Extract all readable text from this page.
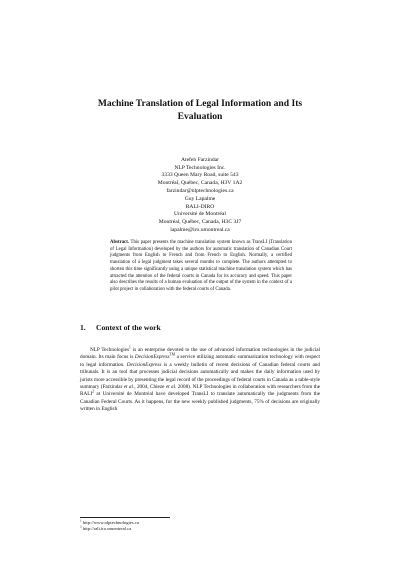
Machine Translation of Legal Information and Its
Evaluation
Atefeh Farzindar
NLP Technologies Inc.
3333 Queen Mary Road, suite 543
Montréal, Québec, Canada, H3V 1A2
farzindar@nlptechnologies.ca
Guy Lapalme
RALI-DIRO
Université de Montréal
Montréal, Québec, Canada, H3C 3J7
lapalme@iro.umontreal.ca
Abstract. This paper presents the machine translation system known as TransLI (Translation of Legal Information) developed by the authors for automatic translation of Canadian Court judgments from English to French and from French to English. Normally, a certified translation of a legal judgment takes several months to complete. The authors attempted to shorten this time significantly using a unique statistical machine translation system which has attracted the attention of the federal courts in Canada for its accuracy and speed. This paper also describes the results of a human evaluation of the output of the system in the context of a pilot project in collaboration with the federal courts of Canada.
1. Context of the work

NLP Technologies$^1$ is an enterprise devoted to the use of advanced information technologies in the judicial domain. Its main focus is DecisionExpress™ a service utilizing automatic summarization technology with respect to legal information. DecisionExpress is a weekly bulletin of recent decisions of Canadian federal courts and tribunals. It is an tool that processes judicial decisions automatically and makes the daily information used by jurists more accessible by presenting the legal record of the proceedings of federal courts in Canada as a table-style summary (Farzindar et al., 2004, Chieze et al. 2008). NLP Technologies in collaboration with researchers from the RALI$^2$ at Université de Montréal have developed TransLI to translate automatically the judgments from the Canadian Federal Courts. As it happens, for the new weekly published judgments, 75% of decisions are originally written in English

$^1$ http://www.nlptechnologies.ca
$^2$ http://rali.iro.umontreal.ca
